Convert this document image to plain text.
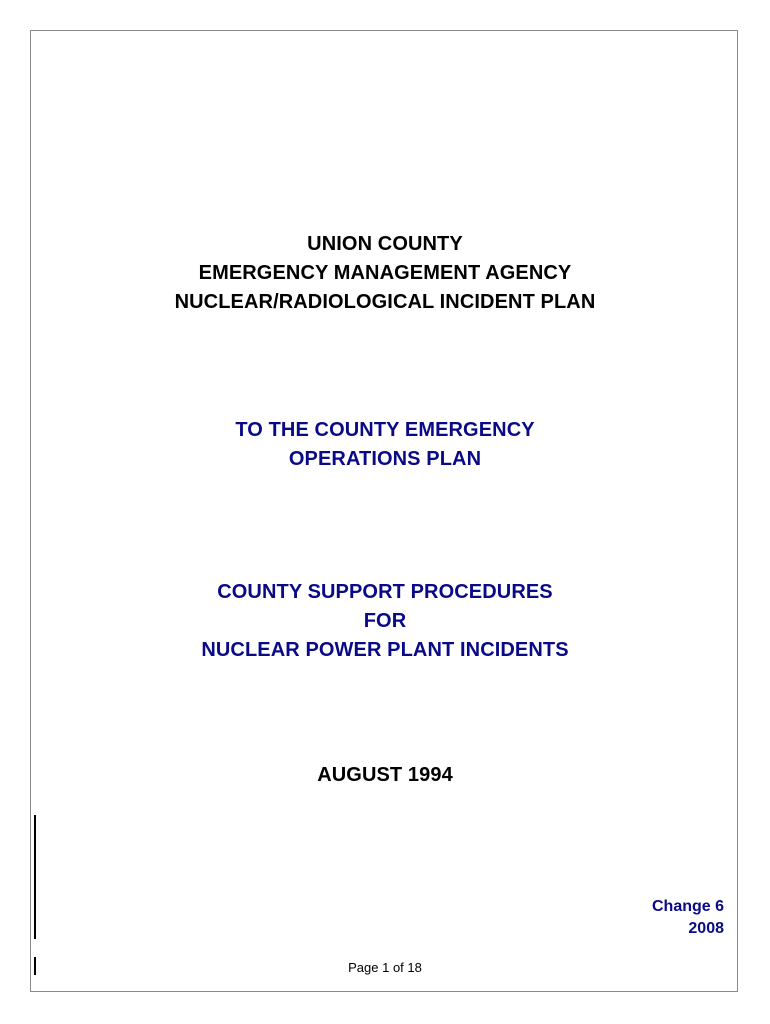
UNION COUNTY
EMERGENCY MANAGEMENT AGENCY
NUCLEAR/RADIOLOGICAL INCIDENT PLAN
TO THE COUNTY EMERGENCY
OPERATIONS PLAN
COUNTY SUPPORT PROCEDURES
FOR
NUCLEAR POWER PLANT INCIDENTS
AUGUST 1994
Change 6
2008
Page 1 of 18
